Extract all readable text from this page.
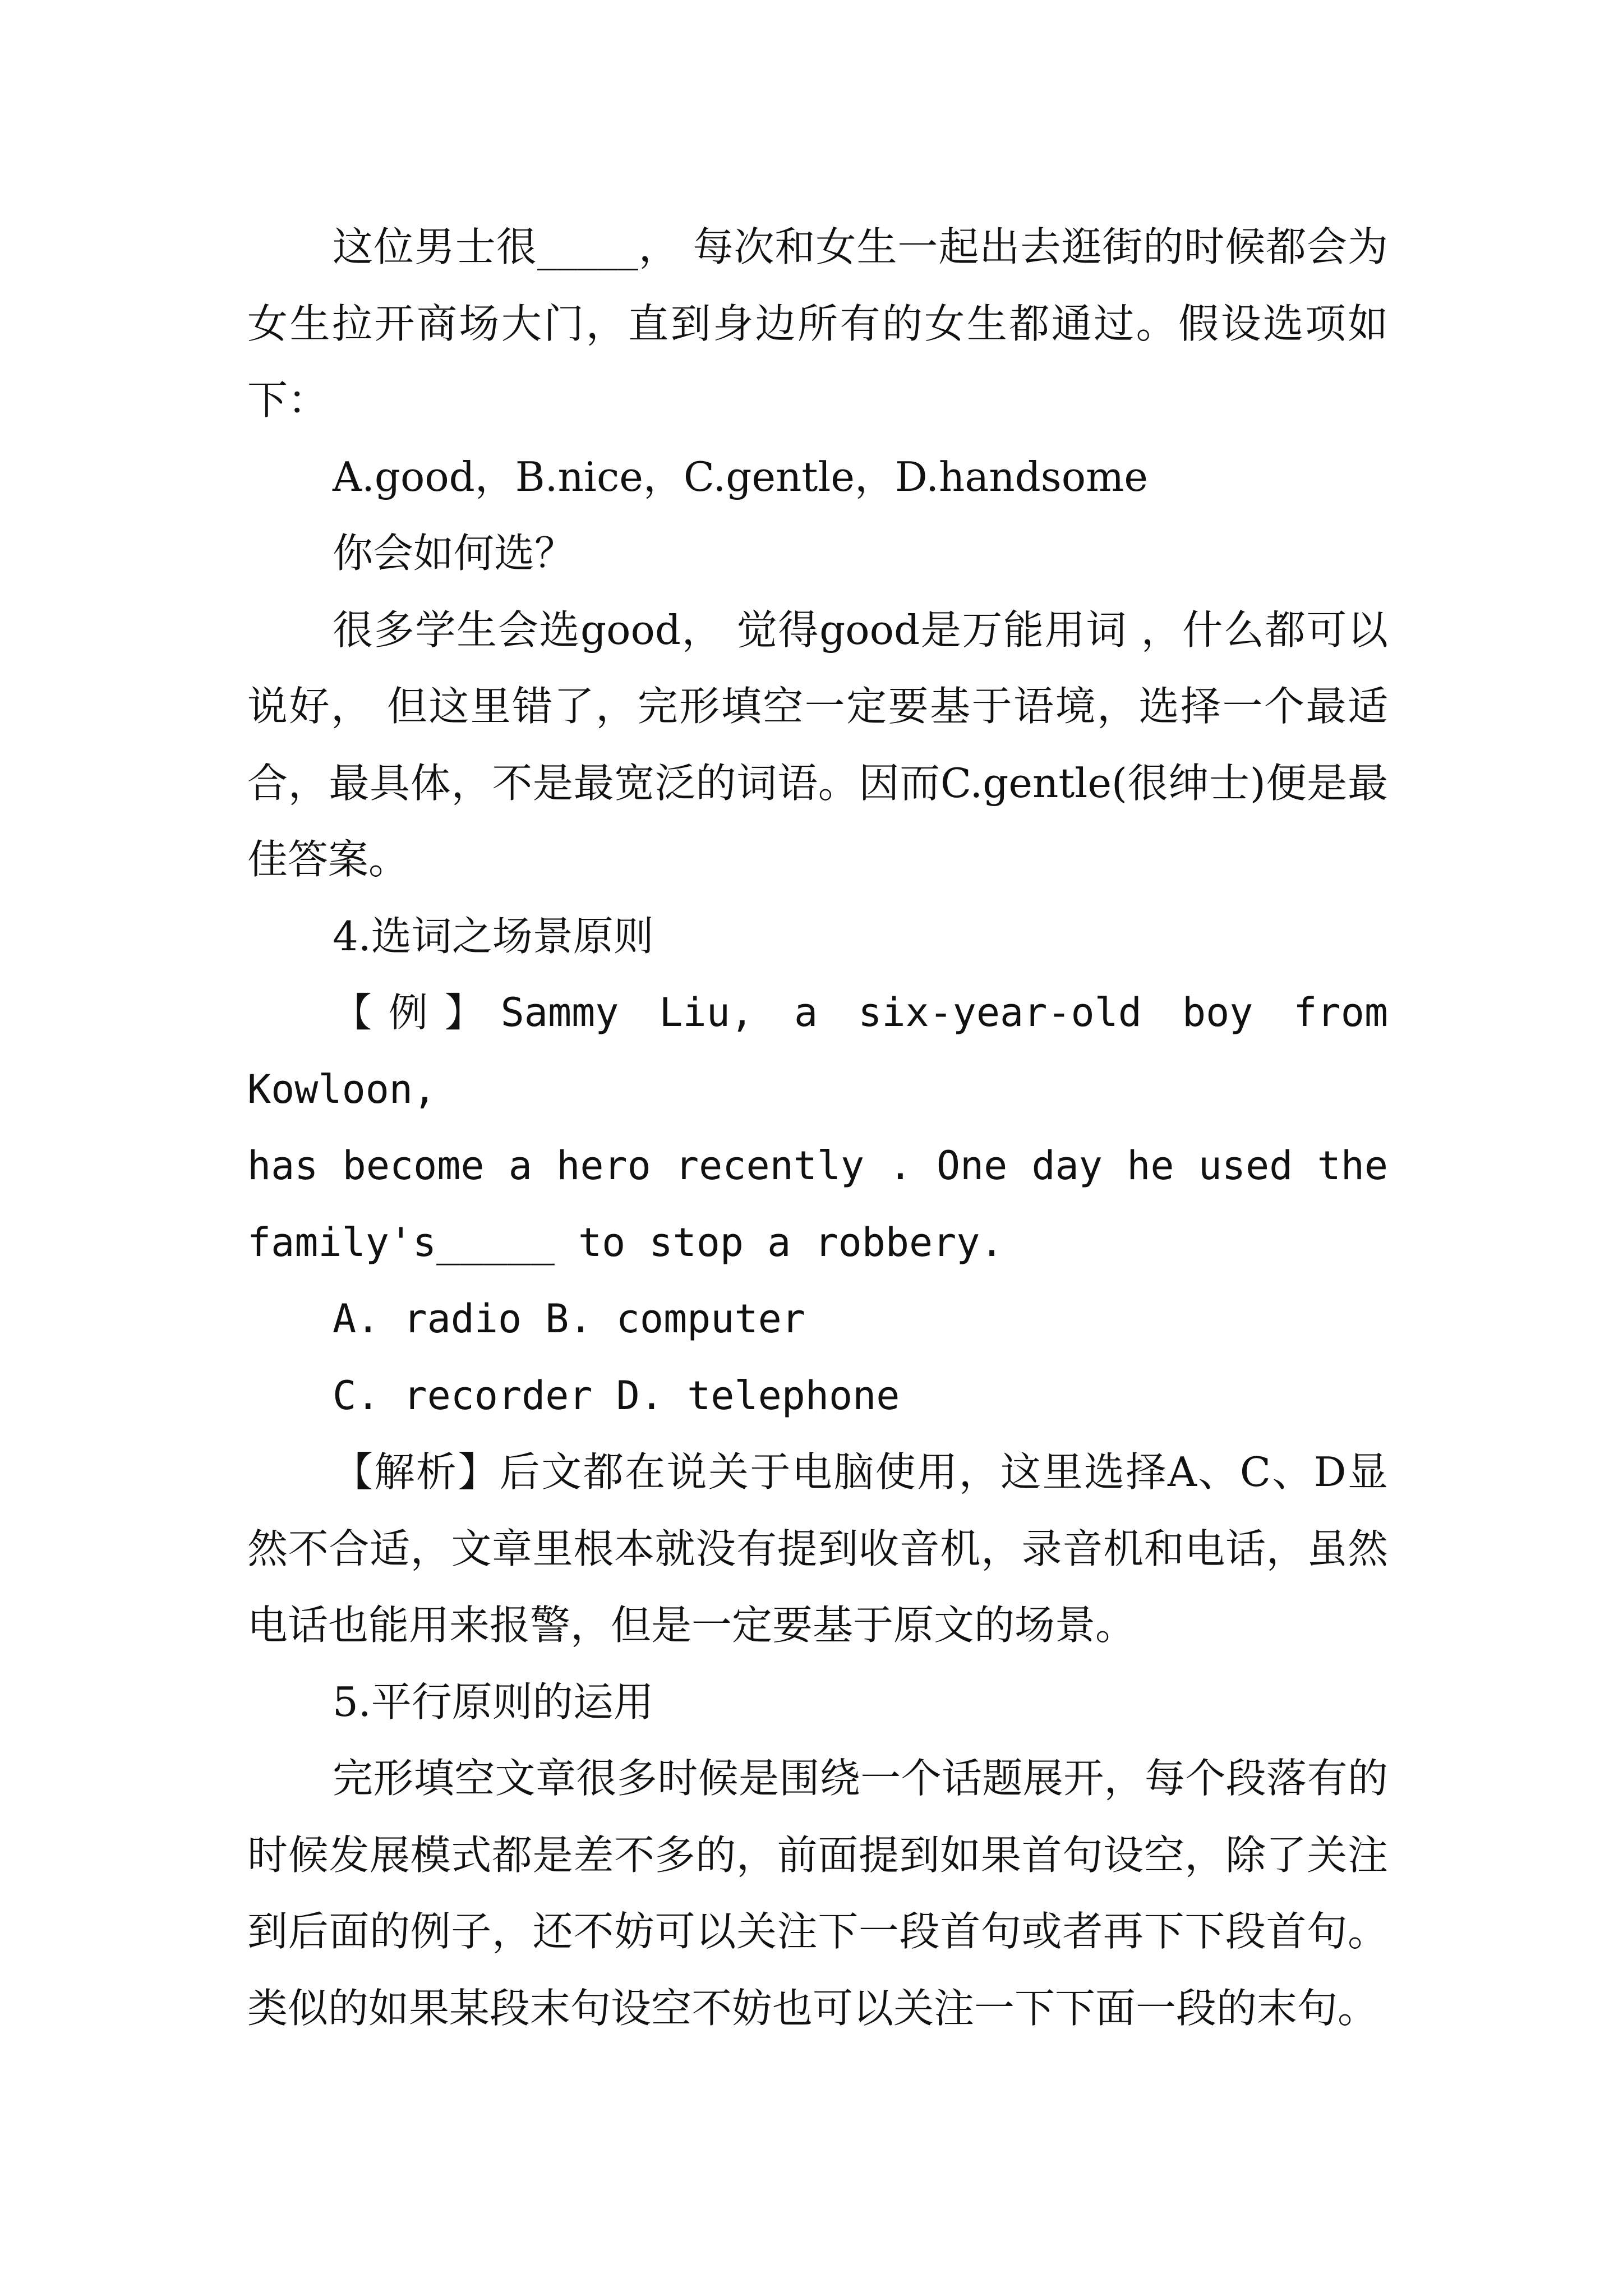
这位男士很_____， 每次和女生一起出去逛街的时候都会为女生拉开商场大门，直到身边所有的女生都通过。假设选项如下：

A.good，B.nice，C.gentle，D.handsome

你会如何选？

很多学生会选good， 觉得good是万能用词 ，什么都可以说好， 但这里错了，完形填空一定要基于语境，选择一个最适合，最具体，不是最宽泛的词语。因而C.gentle(很绅士)便是最佳答案。

4.选词之场景原则

【例】Sammy Liu, a six-year-old boy from Kowloon,

has become a hero recently . One day he used the

family's_____ to stop a robbery.

A. radio B. computer

C. recorder D. telephone

【解析】后文都在说关于电脑使用，这里选择A、C、D显然不合适，文章里根本就没有提到收音机，录音机和电话，虽然电话也能用来报警，但是一定要基于原文的场景。

5.平行原则的运用

完形填空文章很多时候是围绕一个话题展开，每个段落有的时候发展模式都是差不多的，前面提到如果首句设空，除了关注到后面的例子，还不妨可以关注下一段首句或者再下下段首句。类似的如果某段末句设空不妨也可以关注一下下面一段的末句。
